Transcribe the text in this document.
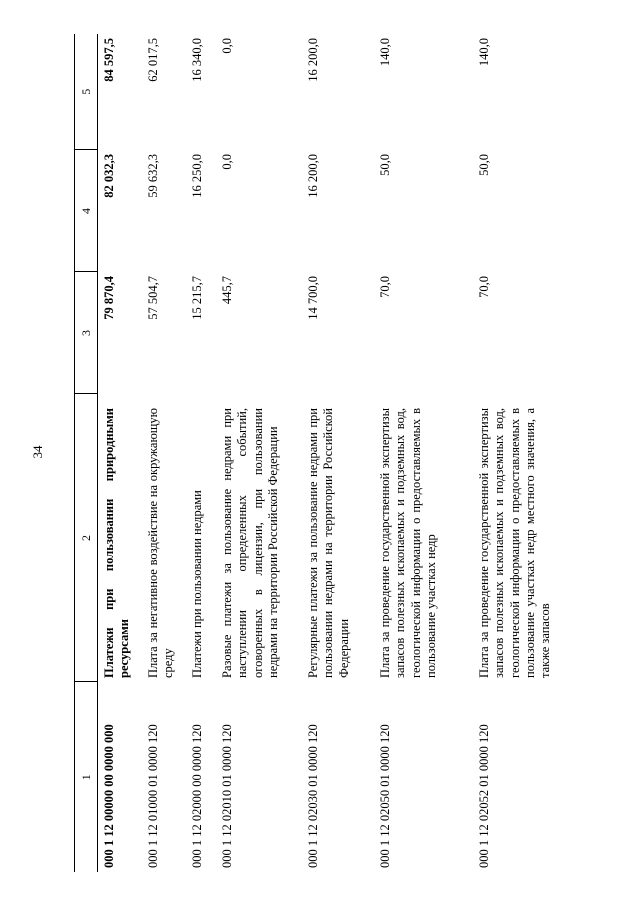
34
1	2	3	4	5
000 1 12 00000 00 0000 000	Платежи при пользовании природными ресурсами	79 870,4	82 032,3	84 597,5
000 1 12 01000 01 0000 120	Плата за негативное воздействие на окружающую среду	57 504,7	59 632,3	62 017,5
000 1 12 02000 00 0000 120	Платежи при пользовании недрами	15 215,7	16 250,0	16 340,0
000 1 12 02010 01 0000 120	Разовые платежи за пользование недрами при наступлении определенных событий, оговоренных в лицензии, при пользовании недрами на территории Российской Федерации	445,7	0,0	0,0
000 1 12 02030 01 0000 120	Регулярные платежи за пользование недрами при пользовании недрами на территории Российской Федерации	14 700,0	16 200,0	16 200,0
000 1 12 02050 01 0000 120	Плата за проведение государственной экспертизы запасов полезных ископаемых и подземных вод, геологической информации о предоставляемых в пользование участках недр	70,0	50,0	140,0
000 1 12 02052 01 0000 120	Плата за проведение государственной экспертизы запасов полезных ископаемых и подземных вод, геологической информации о предоставляемых в пользование участках недр местного значения, а также запасов	70,0	50,0	140,0
